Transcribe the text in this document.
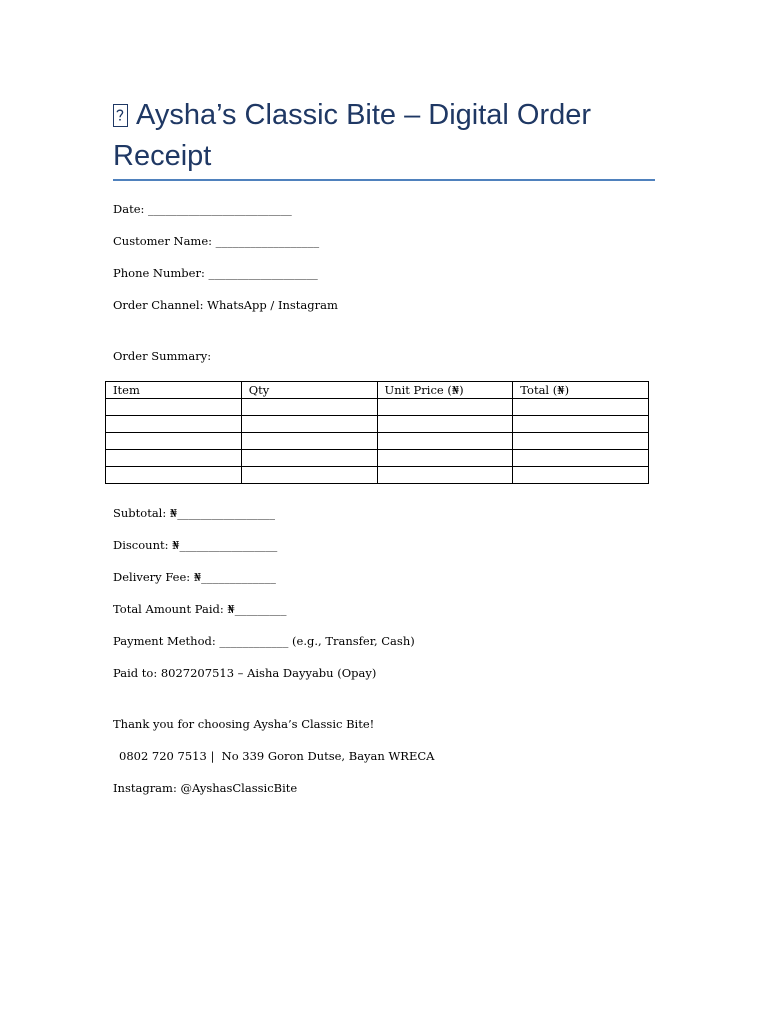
Aysha’s Classic Bite – Digital Order Receipt

Date: _________________________

Customer Name: __________________

Phone Number: ___________________

Order Channel: WhatsApp / Instagram

Order Summary:

Item	Qty	Unit Price (₦)	Total (₦)

Subtotal: ₦_________________

Discount: ₦_________________

Delivery Fee: ₦_____________

Total Amount Paid: ₦_________

Payment Method: ____________ (e.g., Transfer, Cash)

Paid to: 8027207513 – Aisha Dayyabu (Opay)

Thank you for choosing Aysha’s Classic Bite!

0802 720 7513 |  No 339 Goron Dutse, Bayan WRECA

Instagram: @AyshasClassicBite
